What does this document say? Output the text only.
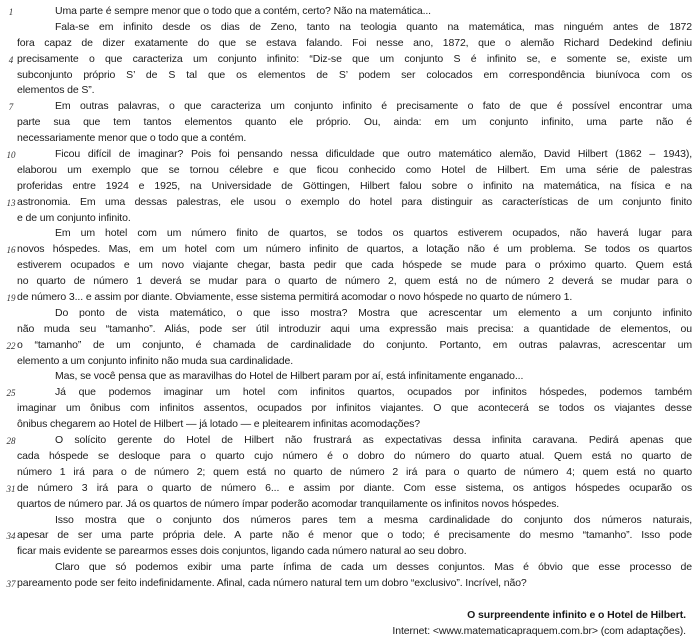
1	Uma parte é sempre menor que o todo que a contém, certo? Não na matemática...
Fala-se em infinito desde os dias de Zeno, tanto na teologia quanto na matemática, mas ninguém antes de 1872
fora capaz de dizer exatamente do que se estava falando. Foi nesse ano, 1872, que o alemão Richard Dedekind definiu
4 precisamente o que caracteriza um conjunto infinito: “Diz-se que um conjunto S é infinito se, e somente se, existe um
subconjunto próprio S’ de S tal que os elementos de S’ podem ser colocados em correspondência biunívoca com os
elementos de S”.
7	Em outras palavras, o que caracteriza um conjunto infinito é precisamente o fato de que é possível encontrar uma
parte sua que tem tantos elementos quanto ele próprio. Ou, ainda: em um conjunto infinito, uma parte não é
necessariamente menor que o todo que a contém.
10	Ficou difícil de imaginar? Pois foi pensando nessa dificuldade que outro matemático alemão, David Hilbert (1862 – 1943),
elaborou um exemplo que se tornou célebre e que ficou conhecido como Hotel de Hilbert. Em uma série de palestras
proferidas entre 1924 e 1925, na Universidade de Göttingen, Hilbert falou sobre o infinito na matemática, na física e na
13 astronomia. Em uma dessas palestras, ele usou o exemplo do hotel para distinguir as características de um conjunto finito
e de um conjunto infinito.
Em um hotel com um número finito de quartos, se todos os quartos estiverem ocupados, não haverá lugar para
16 novos hóspedes. Mas, em um hotel com um número infinito de quartos, a lotação não é um problema. Se todos os quartos
estiverem ocupados e um novo viajante chegar, basta pedir que cada hóspede se mude para o próximo quarto. Quem está
no quarto de número 1 deverá se mudar para o quarto de número 2, quem está no de número 2 deverá se mudar para o
19 de número 3... e assim por diante. Obviamente, esse sistema permitirá acomodar o novo hóspede no quarto de número 1.
Do ponto de vista matemático, o que isso mostra? Mostra que acrescentar um elemento a um conjunto infinito
não muda seu “tamanho”. Aliás, pode ser útil introduzir aqui uma expressão mais precisa: a quantidade de elementos, ou
22 o “tamanho” de um conjunto, é chamada de cardinalidade do conjunto. Portanto, em outras palavras, acrescentar um
elemento a um conjunto infinito não muda sua cardinalidade.
Mas, se você pensa que as maravilhas do Hotel de Hilbert param por aí, está infinitamente enganado...
25	Já que podemos imaginar um hotel com infinitos quartos, ocupados por infinitos hóspedes, podemos também
imaginar um ônibus com infinitos assentos, ocupados por infinitos viajantes. O que acontecerá se todos os viajantes desse
ônibus chegarem ao Hotel de Hilbert — já lotado — e pleitearem infinitas acomodações?
28	O solícito gerente do Hotel de Hilbert não frustrará as expectativas dessa infinita caravana. Pedirá apenas que
cada hóspede se desloque para o quarto cujo número é o dobro do número do quarto atual. Quem está no quarto de
número 1 irá para o de número 2; quem está no quarto de número 2 irá para o quarto de número 4; quem está no quarto
31 de número 3 irá para o quarto de número 6... e assim por diante. Com esse sistema, os antigos hóspedes ocuparão os
quartos de número par. Já os quartos de número ímpar poderão acomodar tranquilamente os infinitos novos hóspedes.
Isso mostra que o conjunto dos números pares tem a mesma cardinalidade do conjunto dos números naturais,
34 apesar de ser uma parte própria dele. A parte não é menor que o todo; é precisamente do mesmo “tamanho”. Isso pode
ficar mais evidente se parearmos esses dois conjuntos, ligando cada número natural ao seu dobro.
Claro que só podemos exibir uma parte ínfima de cada um desses conjuntos. Mas é óbvio que esse processo de
37 pareamento pode ser feito indefinidamente. Afinal, cada número natural tem um dobro “exclusivo”. Incrível, não?
O surpreendente infinito e o Hotel de Hilbert.
Internet: <www.matematicapraquem.com.br> (com adaptações).
